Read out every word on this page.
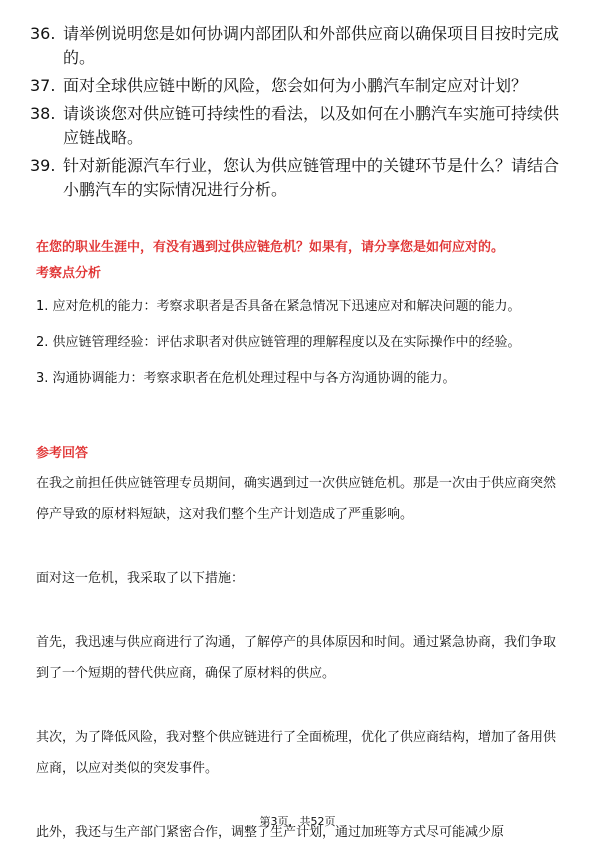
36. 请举例说明您是如何协调内部团队和外部供应商以确保项目目按时完成的。
37. 面对全球供应链中断的风险，您会如何为小鹏汽车制定应对计划？
38. 请谈谈您对供应链可持续性的看法，以及如何在小鹏汽车实施可持续供应链战略。
39. 针对新能源汽车行业，您认为供应链管理中的关键环节是什么？请结合小鹏汽车的实际情况进行分析。
在您的职业生涯中，有没有遇到过供应链危机？如果有，请分享您是如何应对的。
考察点分析

1. 应对危机的能力：考察求职者是否具备在紧急情况下迅速应对和解决问题的能力。

2. 供应链管理经验：评估求职者对供应链管理的理解程度以及在实际操作中的经验。

3. 沟通协调能力：考察求职者在危机处理过程中与各方沟通协调的能力。

参考回答

在我之前担任供应链管理专员期间，确实遇到过一次供应链危机。那是一次由于供应商突然停产导致的原材料短缺，这对我们整个生产计划造成了严重影响。

面对这一危机，我采取了以下措施：

首先，我迅速与供应商进行了沟通，了解停产的具体原因和时间。通过紧急协商，我们争取到了一个短期的替代供应商，确保了原材料的供应。

其次，为了降低风险，我对整个供应链进行了全面梳理，优化了供应商结构，增加了备用供应商，以应对类似的突发事件。

此外，我还与生产部门紧密合作，调整了生产计划，通过加班等方式尽可能减少原

第3页，共52页
